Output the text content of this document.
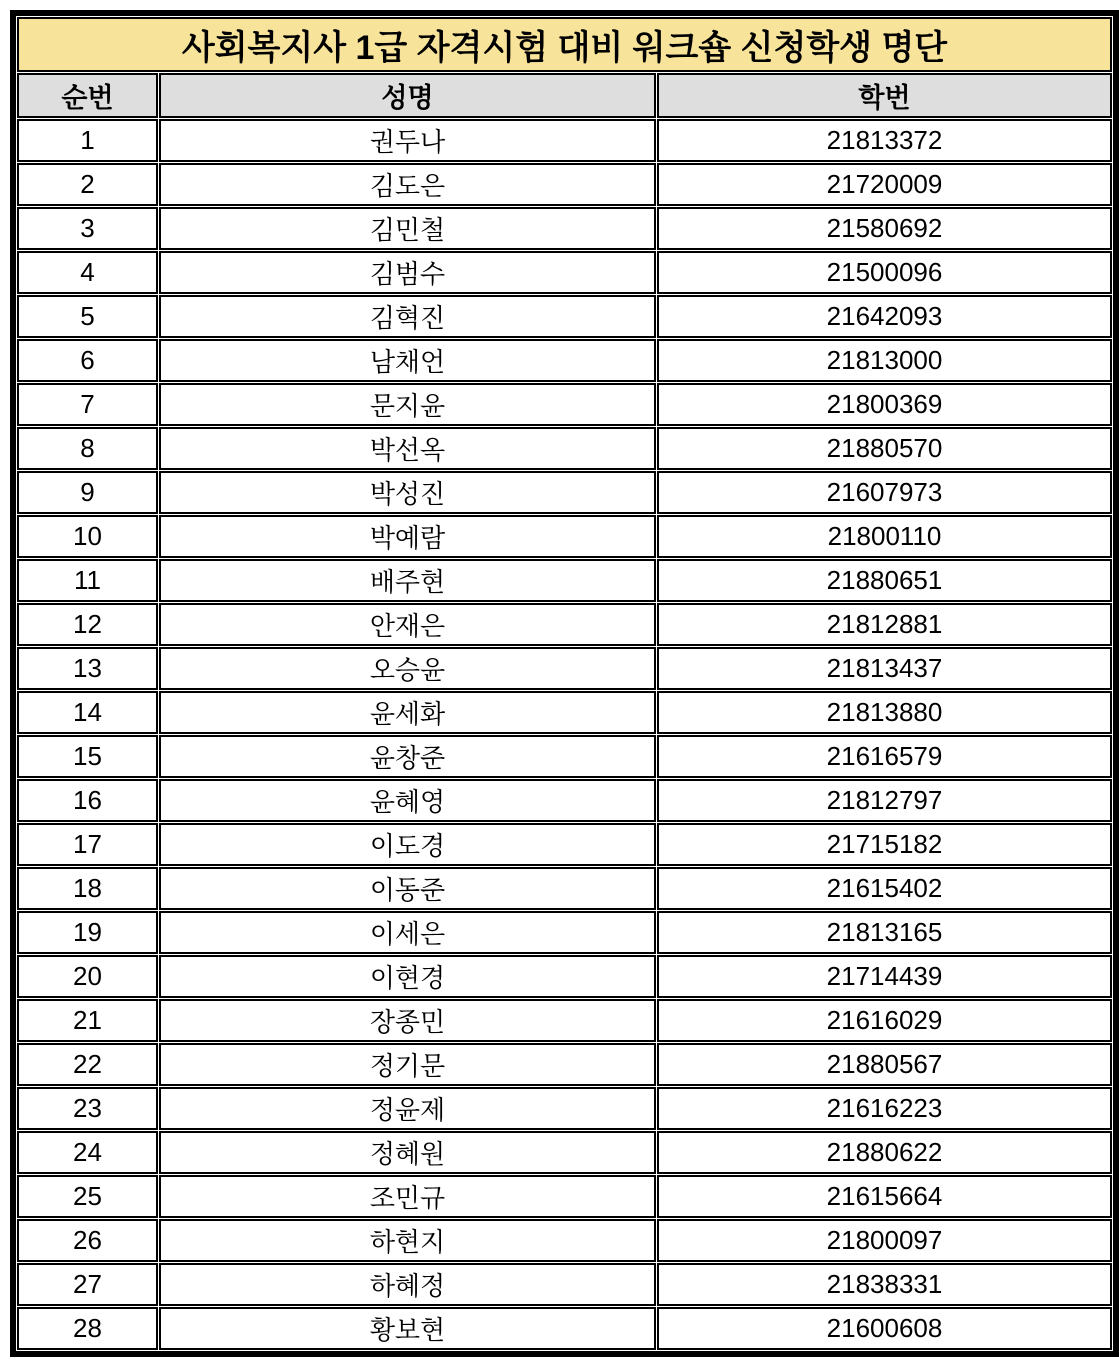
사회복지사 1급 자격시험 대비 워크숍 신청학생 명단		
순번	성명	학번
1	권두나	21813372
2	김도은	21720009
3	김민철	21580692
4	김범수	21500096
5	김혁진	21642093
6	남채언	21813000
7	문지윤	21800369
8	박선옥	21880570
9	박성진	21607973
10	박예람	21800110
11	배주현	21880651
12	안재은	21812881
13	오승윤	21813437
14	윤세화	21813880
15	윤창준	21616579
16	윤혜영	21812797
17	이도경	21715182
18	이동준	21615402
19	이세은	21813165
20	이현경	21714439
21	장종민	21616029
22	정기문	21880567
23	정윤제	21616223
24	정혜원	21880622
25	조민규	21615664
26	하현지	21800097
27	하혜정	21838331
28	황보현	21600608
